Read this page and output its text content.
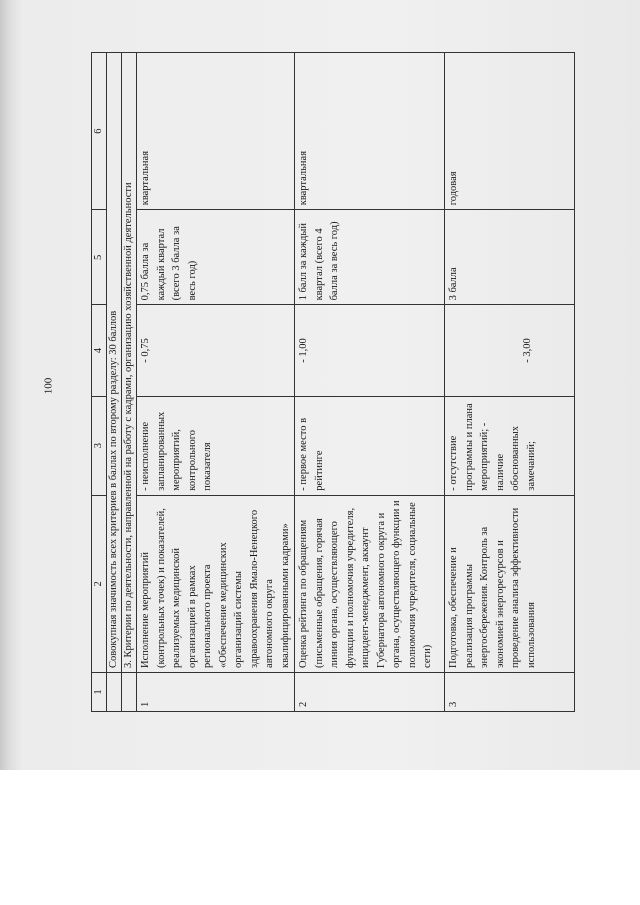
100
1	2	3	4	5	6
	Совокупная значимость всех критериев в баллах по второму разделу: 30 баллов				
	3. Критерии по деятельности, направленной на работу с кадрами, организацию хозяйственной деятельности				
1	Исполнение мероприятий (контрольных точек) и показателей, реализуемых медицинской организацией в рамках регионального проекта «Обеспечение медицинских организаций системы здравоохранения Ямало-Ненецкого автономного округа квалифицированными кадрами»	- неисполнение запланированных мероприятий, контрольного показателя	- 0,75	0,75 балла за каждый квартал (всего 3 балла за весь год)	квартальная
2	Оценка рейтинга по обращениям (письменные обращения, горячая линия органа, осуществляющего функции и полномочия учредителя, инцидент-менеджмент, аккаунт Губернатора автономного округа и органа, осуществляющего функции и полномочия учредителя, социальные сети)	- первое место в рейтинге	- 1,00	1 балл за каждый квартал (всего 4 балла за весь год)	квартальная
3	Подготовка, обеспечение и реализация программы энергосбережения. Контроль за экономией энергоресурсов и проведение анализа эффективности использования	- отсутствие программы и плана мероприятий; - наличие обоснованных замечаний;	- 3,00	3 балла	годовая
